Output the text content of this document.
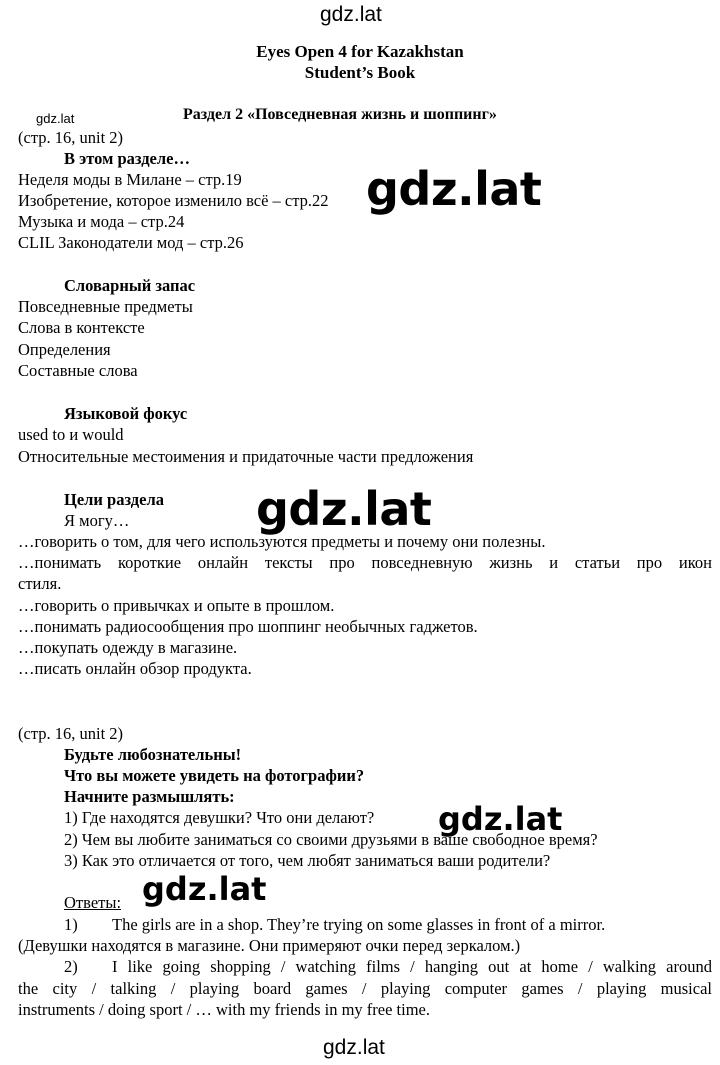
gdz.lat
gdz.lat
gdz.lat
gdz.lat
gdz.lat
gdz.lat
gdz.lat
Eyes Open 4 for Kazakhstan
Student’s Book
Раздел 2 «Повседневная жизнь и шоппинг»
(стр. 16, unit 2)
В этом разделе…
Неделя моды в Милане – стр.19
Изобретение, которое изменило всё – стр.22
Музыка и мода – стр.24
CLIL Законодатели мод – стр.26
Словарный запас
Повседневные предметы
Слова в контексте
Определения
Составные слова
Языковой фокус
used to и would
Относительные местоимения и придаточные части предложения
Цели раздела
Я могу…
…говорить о том, для чего используются предметы и почему они полезны.
…понимать короткие онлайн тексты про повседневную жизнь и статьи про икон
стиля.
…говорить о привычках и опыте в прошлом.
…понимать радиосообщения про шоппинг необычных гаджетов.
…покупать одежду в магазине.
…писать онлайн обзор продукта.
(стр. 16, unit 2)
Будьте любознательны!
Что вы можете увидеть на фотографии?
Начните размышлять:
1) Где находятся девушки? Что они делают?
2) Чем вы любите заниматься со своими друзьями в ваше свободное время?
3) Как это отличается от того, чем любят заниматься ваши родители?
Ответы:
1) The girls are in a shop. They’re trying on some glasses in front of a mirror.
(Девушки находятся в магазине. Они примеряют очки перед зеркалом.)
2) I like going shopping / watching films / hanging out at home / walking around
the city / talking / playing board games / playing computer games / playing musical
instruments / doing sport / … with my friends in my free time.
